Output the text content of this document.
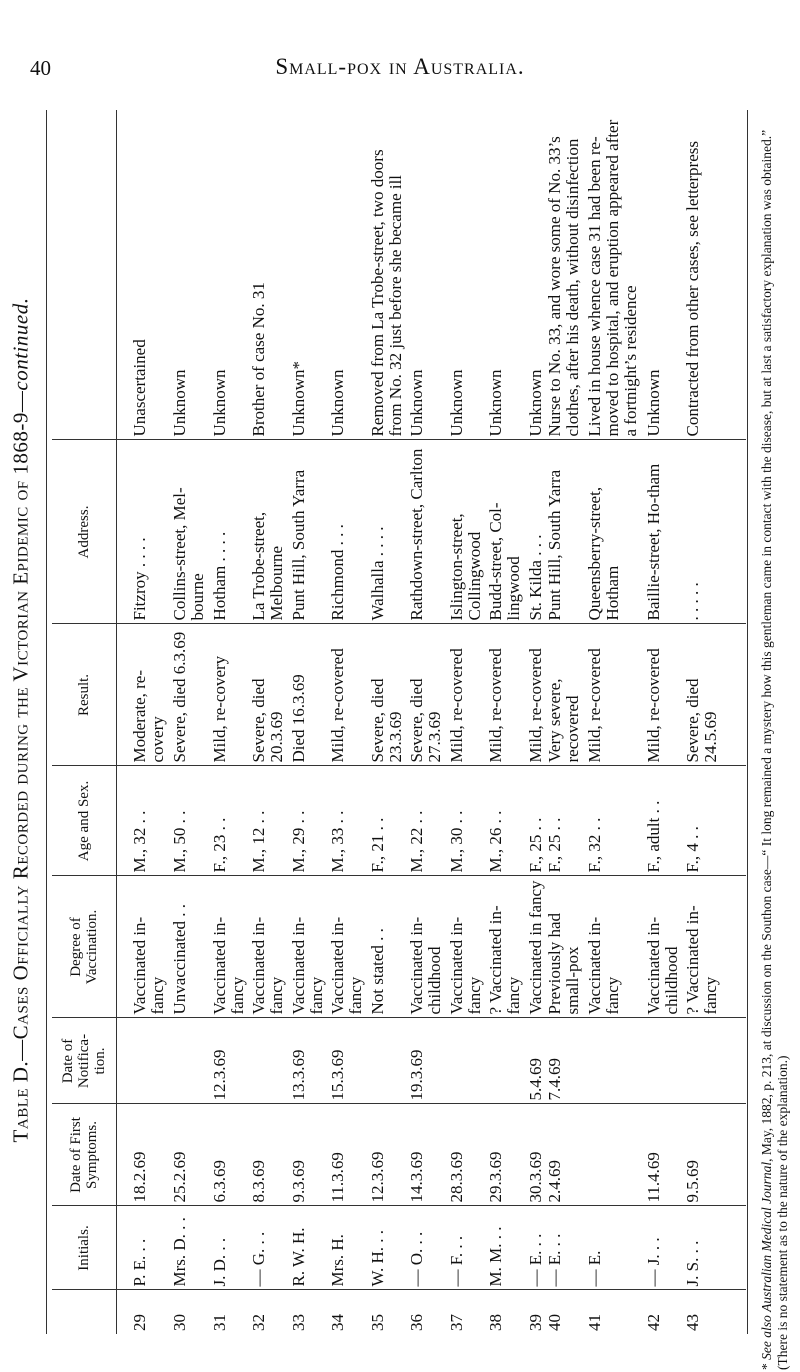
40	Small-pox in Australia.
Table D.—Cases Officially Recorded during the Victorian Epidemic of 1868-9—continued.
	Initials.	Date of First Symptoms.	Date of Notifica-tion.	Degree of Vaccination.	Age and Sex.	Result.	Address.	
29	P. E. . .	18.2.69		Vaccinated in-fancy	M., 32 . .	Moderate, re-covery	Fitzroy . . . .	Unascertained
30	Mrs. D. . .	25.2.69		Unvaccinated . .	M., 50 . .	Severe, died 6.3.69	Collins-street, Mel-bourne	Unknown
31	J. D. . .	6.3.69	12.3.69	Vaccinated in-fancy	F., 23 . .	Mild, re-covery	Hotham . . . .	Unknown
32	— G. . .	8.3.69		Vaccinated in-fancy	M., 12 . .	Severe, died 20.3.69	La Trobe-street, Melbourne	Brother of case No. 31
33	R. W. H.	9.3.69	13.3.69	Vaccinated in-fancy	M., 29 . .	Died 16.3.69	Punt Hill, South Yarra	Unknown*
34	Mrs. H.	11.3.69	15.3.69	Vaccinated in-fancy	M., 33 . .	Mild, re-covered	Richmond . . .	Unknown
35	W. H. . .	12.3.69		Not stated . .	F., 21 . .	Severe, died 23.3.69	Walhalla . . . .	Removed from La Trobe-street, two doors from No. 32 just before she became ill
36	— O. . .	14.3.69	19.3.69	Vaccinated in-childhood	M., 22 . .	Severe, died 27.3.69	Rathdown-street, Carlton	Unknown
37	— F. . .	28.3.69		Vaccinated in-fancy	M., 30 . .	Mild, re-covered	Islington-street, Collingwood	Unknown
38	M. M. . .	29.3.69		? Vaccinated in-fancy	M., 26 . .	Mild, re-covered	Budd-street, Col-lingwood	Unknown
39	— E. . .	30.3.69	5.4.69	Vaccinated in fancy	F., 25 . .	Mild, re-covered	St. Kilda . . .	Unknown
40	— E. . .	2.4.69	7.4.69	Previously had small-pox	F., 25 . .	Very severe, recovered	Punt Hill, South Yarra	Nurse to No. 33, and wore some of No. 33’s clothes, after his death, without disinfection
41	— E.			Vaccinated in-fancy	F., 32 . .	Mild, re-covered	Queensberry-street, Hotham	Lived in house whence case 31 had been re-moved to hospital, and eruption appeared after a fortnight’s residence
42	— J. . .	11.4.69		Vaccinated in-childhood	F., adult . .	Mild, re-covered	Baillie-street, Ho-tham	Unknown
43	J. S. . .	9.5.69		? Vaccinated in-fancy	F., 4 . .	Severe, died 24.5.69	. . . . .	Contracted from other cases, see letterpress
* See also Australian Medical Journal, May, 1882, p. 213, at discussion on the Southon case—“ It long remained a mystery how this gentleman came in contact with the disease, but at last a satisfactory explanation was obtained.” (There is no statement as to the nature of the explanation.)
